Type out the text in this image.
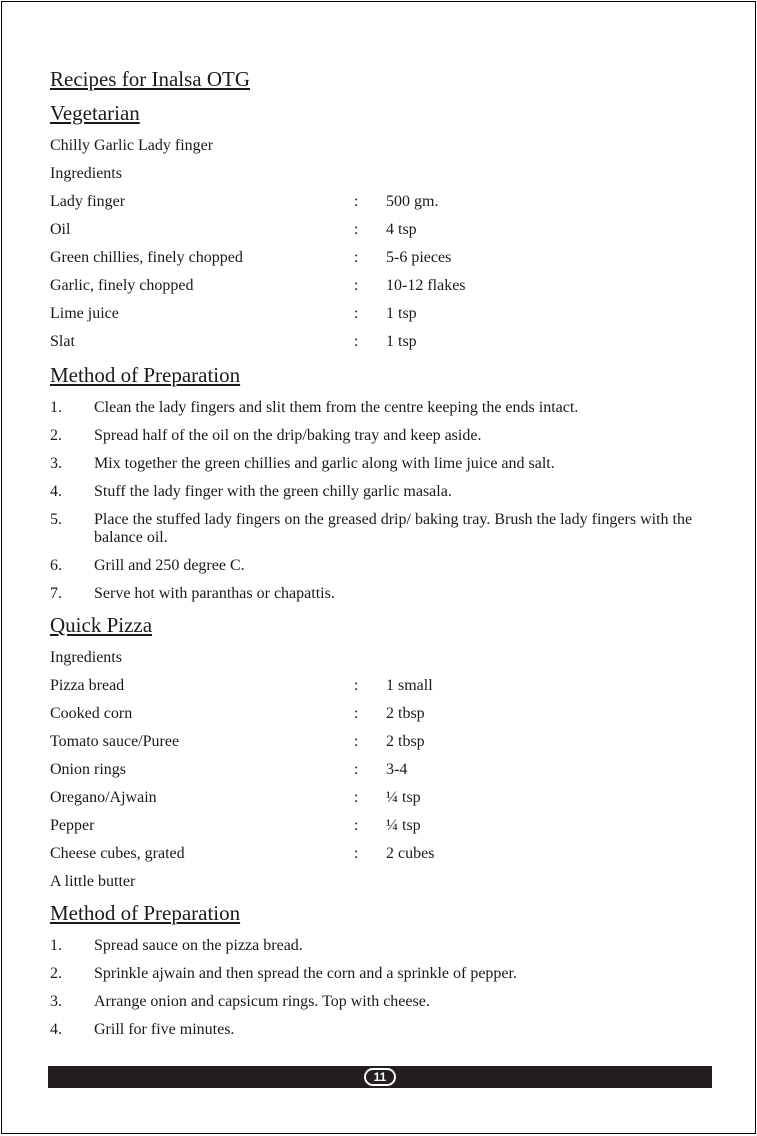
Recipes for Inalsa OTG
Vegetarian
Chilly Garlic Lady finger
Ingredients
Lady finger	:	500 gm.
Oil	:	4 tsp
Green chillies, finely chopped	:	5-6 pieces
Garlic, finely chopped	:	10-12 flakes
Lime juice	:	1 tsp
Slat	:	1 tsp
Method of Preparation
1.	Clean the lady fingers and slit them from the centre keeping the ends intact.
2.	Spread half of the oil on the drip/baking tray and keep aside.
3.	Mix together the green chillies and garlic along with lime juice and salt.
4.	Stuff the lady finger with the green chilly garlic masala.
5.	Place the stuffed lady fingers on the greased drip/ baking tray. Brush the lady fingers with the balance oil.
6.	Grill and 250 degree C.
7.	Serve hot with paranthas or chapattis.
Quick Pizza
Ingredients
Pizza bread	:	1 small
Cooked corn	:	2 tbsp
Tomato sauce/Puree	:	2 tbsp
Onion rings	:	3-4
Oregano/Ajwain	:	¼ tsp
Pepper	:	¼ tsp
Cheese cubes, grated	:	2 cubes
A little butter
Method of Preparation
1.	Spread sauce on the pizza bread.
2.	Sprinkle ajwain and then spread the corn and a sprinkle of pepper.
3.	Arrange onion and capsicum rings. Top with cheese.
4.	Grill for five minutes.
11
